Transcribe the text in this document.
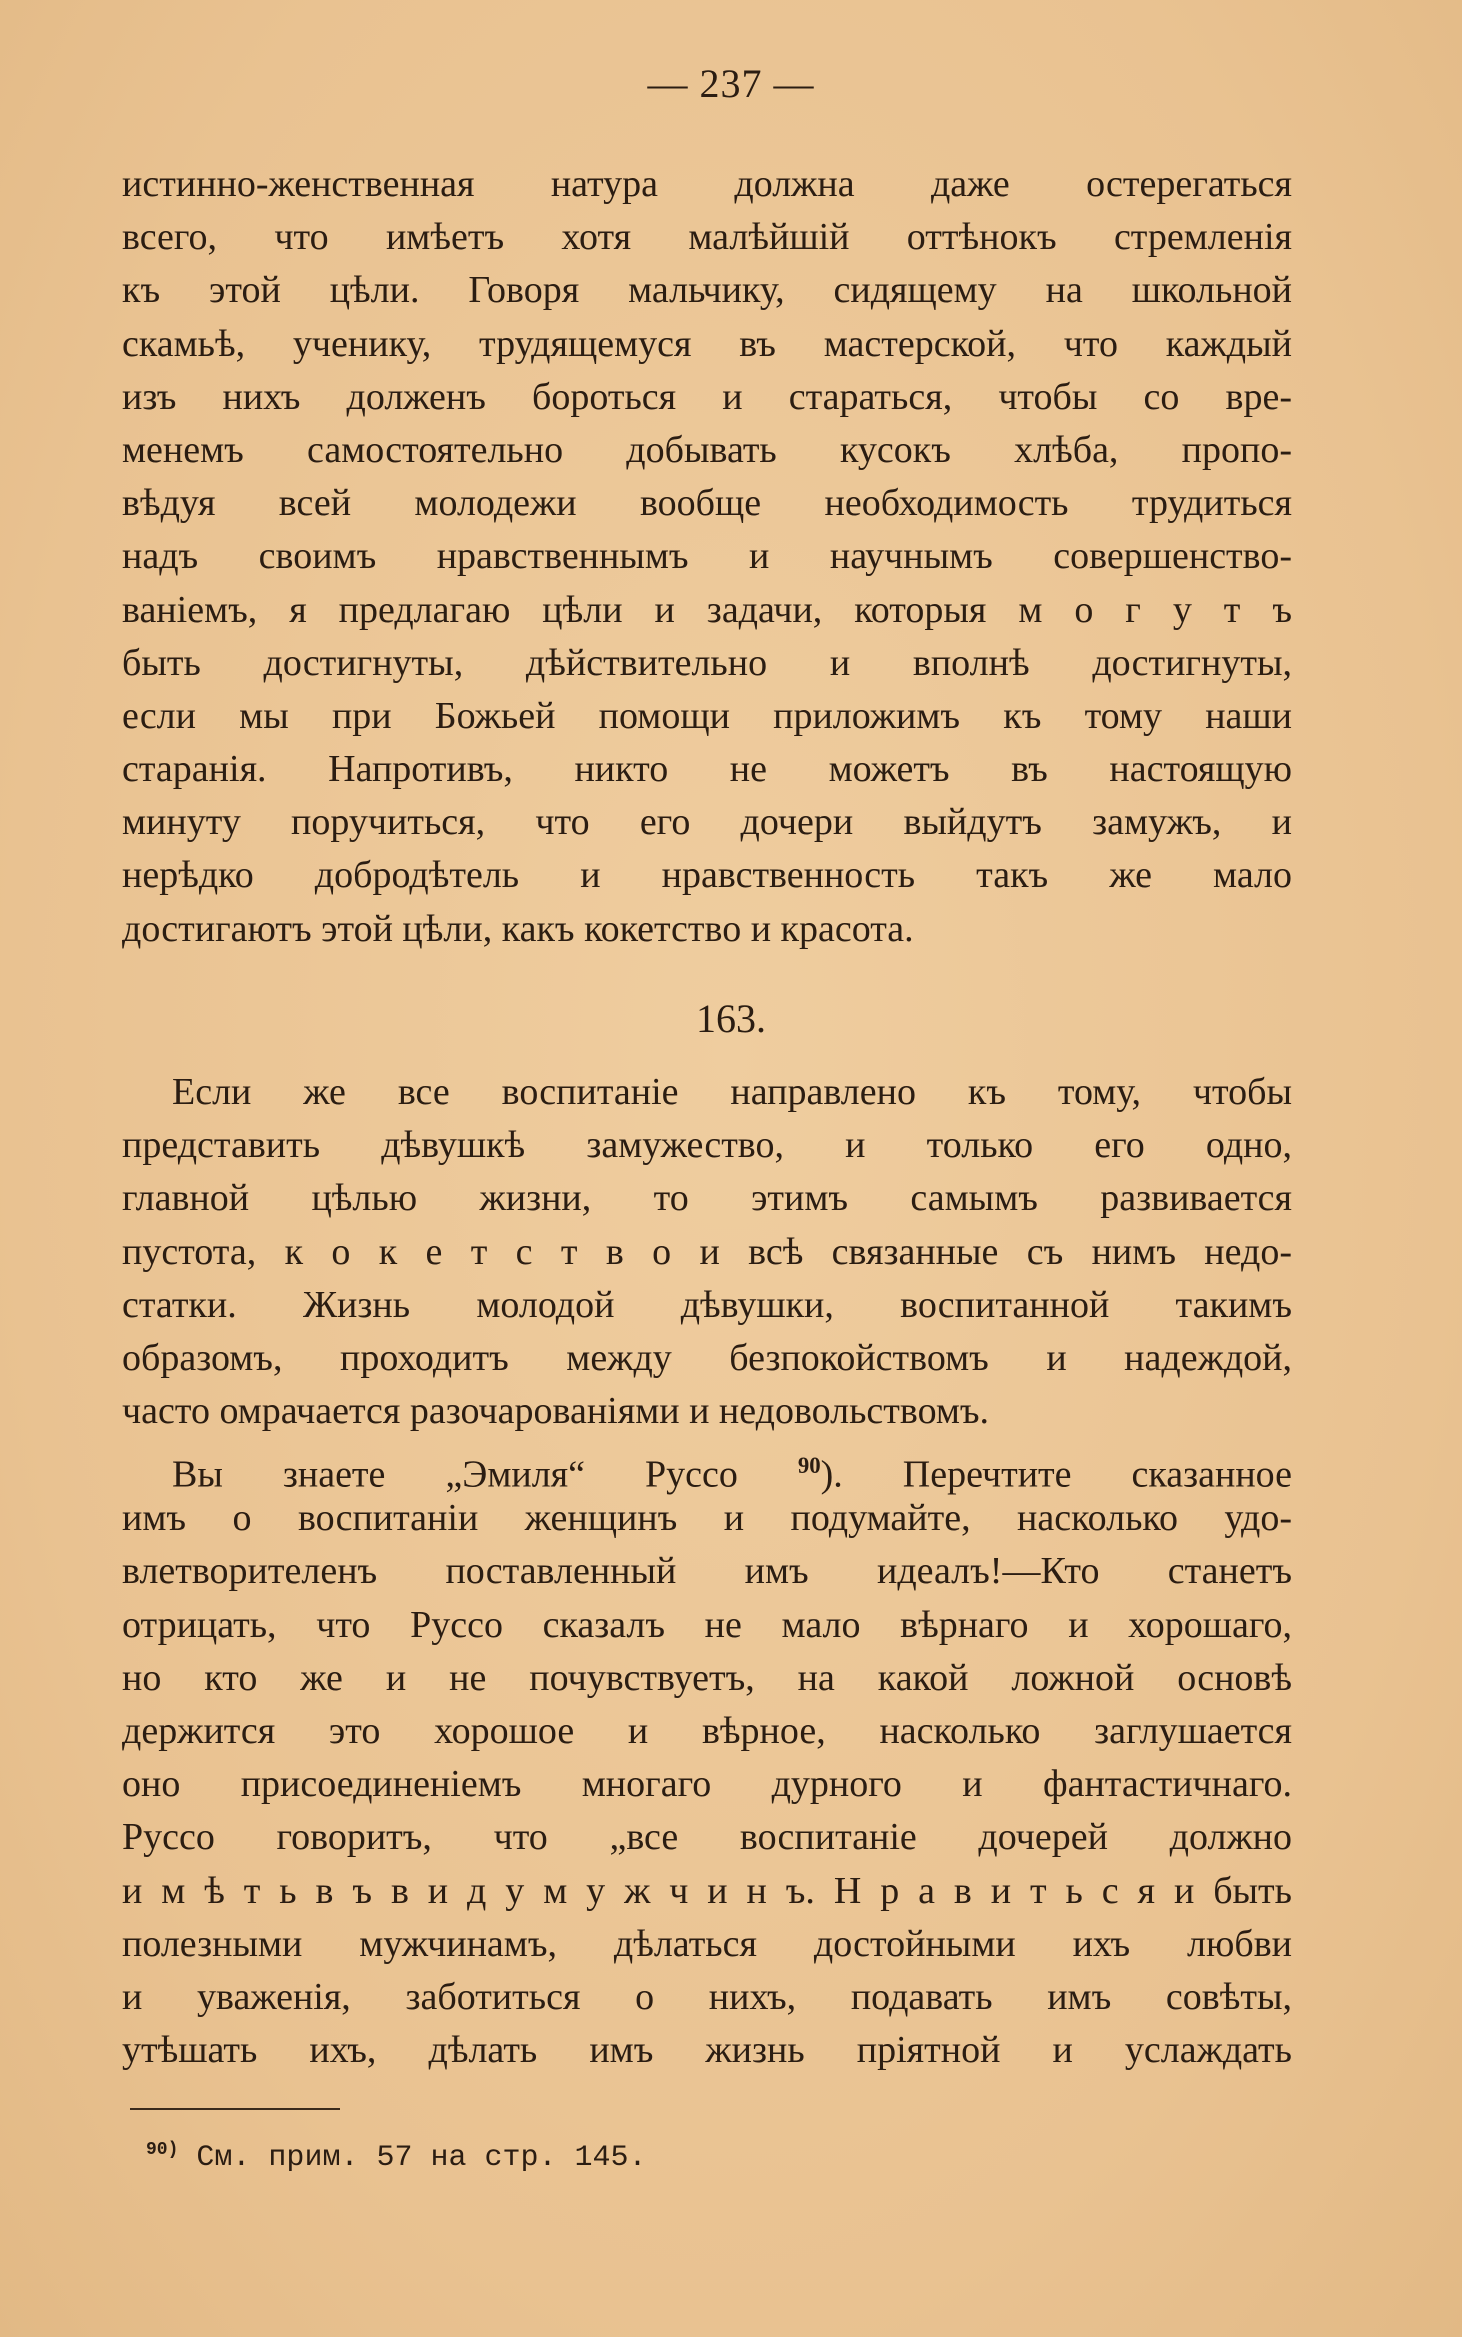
— 237 —
истинно-женственная натура должна даже остерегаться
всего, что имѣетъ хотя малѣйшій оттѣнокъ стремленія
къ этой цѣли. Говоря мальчику, сидящему на школьной
скамьѣ, ученику, трудящемуся въ мастерской, что каждый
изъ нихъ долженъ бороться и стараться, чтобы со вре-
менемъ самостоятельно добывать кусокъ хлѣба, пропо-
вѣдуя всей молодежи вообще необходимость трудиться
надъ своимъ нравственнымъ и научнымъ совершенство-
ваніемъ, я предлагаю цѣли и задачи, которыя м о г у т ъ
быть достигнуты, дѣйствительно и вполнѣ достигнуты,
если мы при Божьей помощи приложимъ къ тому наши
старанія. Напротивъ, никто не можетъ въ настоящую
минуту поручиться, что его дочери выйдутъ замужъ, и
нерѣдко добродѣтель и нравственность такъ же мало
достигаютъ этой цѣли, какъ кокетство и красота.
163.
Если же все воспитаніе направлено къ тому, чтобы
представить дѣвушкѣ замужество, и только его одно,
главной цѣлью жизни, то этимъ самымъ развивается
пустота, к о к е т с т в о и всѣ связанные съ нимъ недо-
статки. Жизнь молодой дѣвушки, воспитанной такимъ
образомъ, проходитъ между безпокойствомъ и надеждой,
часто омрачается разочарованіями и недовольствомъ.
Вы знаете „Эмиля“ Руссо	$^{90}$). Перечтите сказанное
имъ о воспитаніи женщинъ и подумайте, насколько удо-
влетворителенъ поставленный имъ идеалъ!—Кто станетъ
отрицать, что Руссо сказалъ не мало вѣрнаго и хорошаго,
но кто же и не почувствуетъ, на какой ложной основѣ
держится это хорошое и вѣрное, насколько заглушается
оно присоединеніемъ многаго дурного и фантастичнаго.
Руссо говоритъ, что „все воспитаніе дочерей должно
и м ѣ т ь в ъ в и д у м у ж ч и н ъ. Н р а в и т ь с я и быть
полезными мужчинамъ, дѣлаться достойными ихъ любви
и уваженія, заботиться о нихъ, подавать имъ совѣты,
утѣшать ихъ, дѣлать имъ жизнь пріятной и услаждать
$^{90)}$ См. прим. 57 на стр. 145.
